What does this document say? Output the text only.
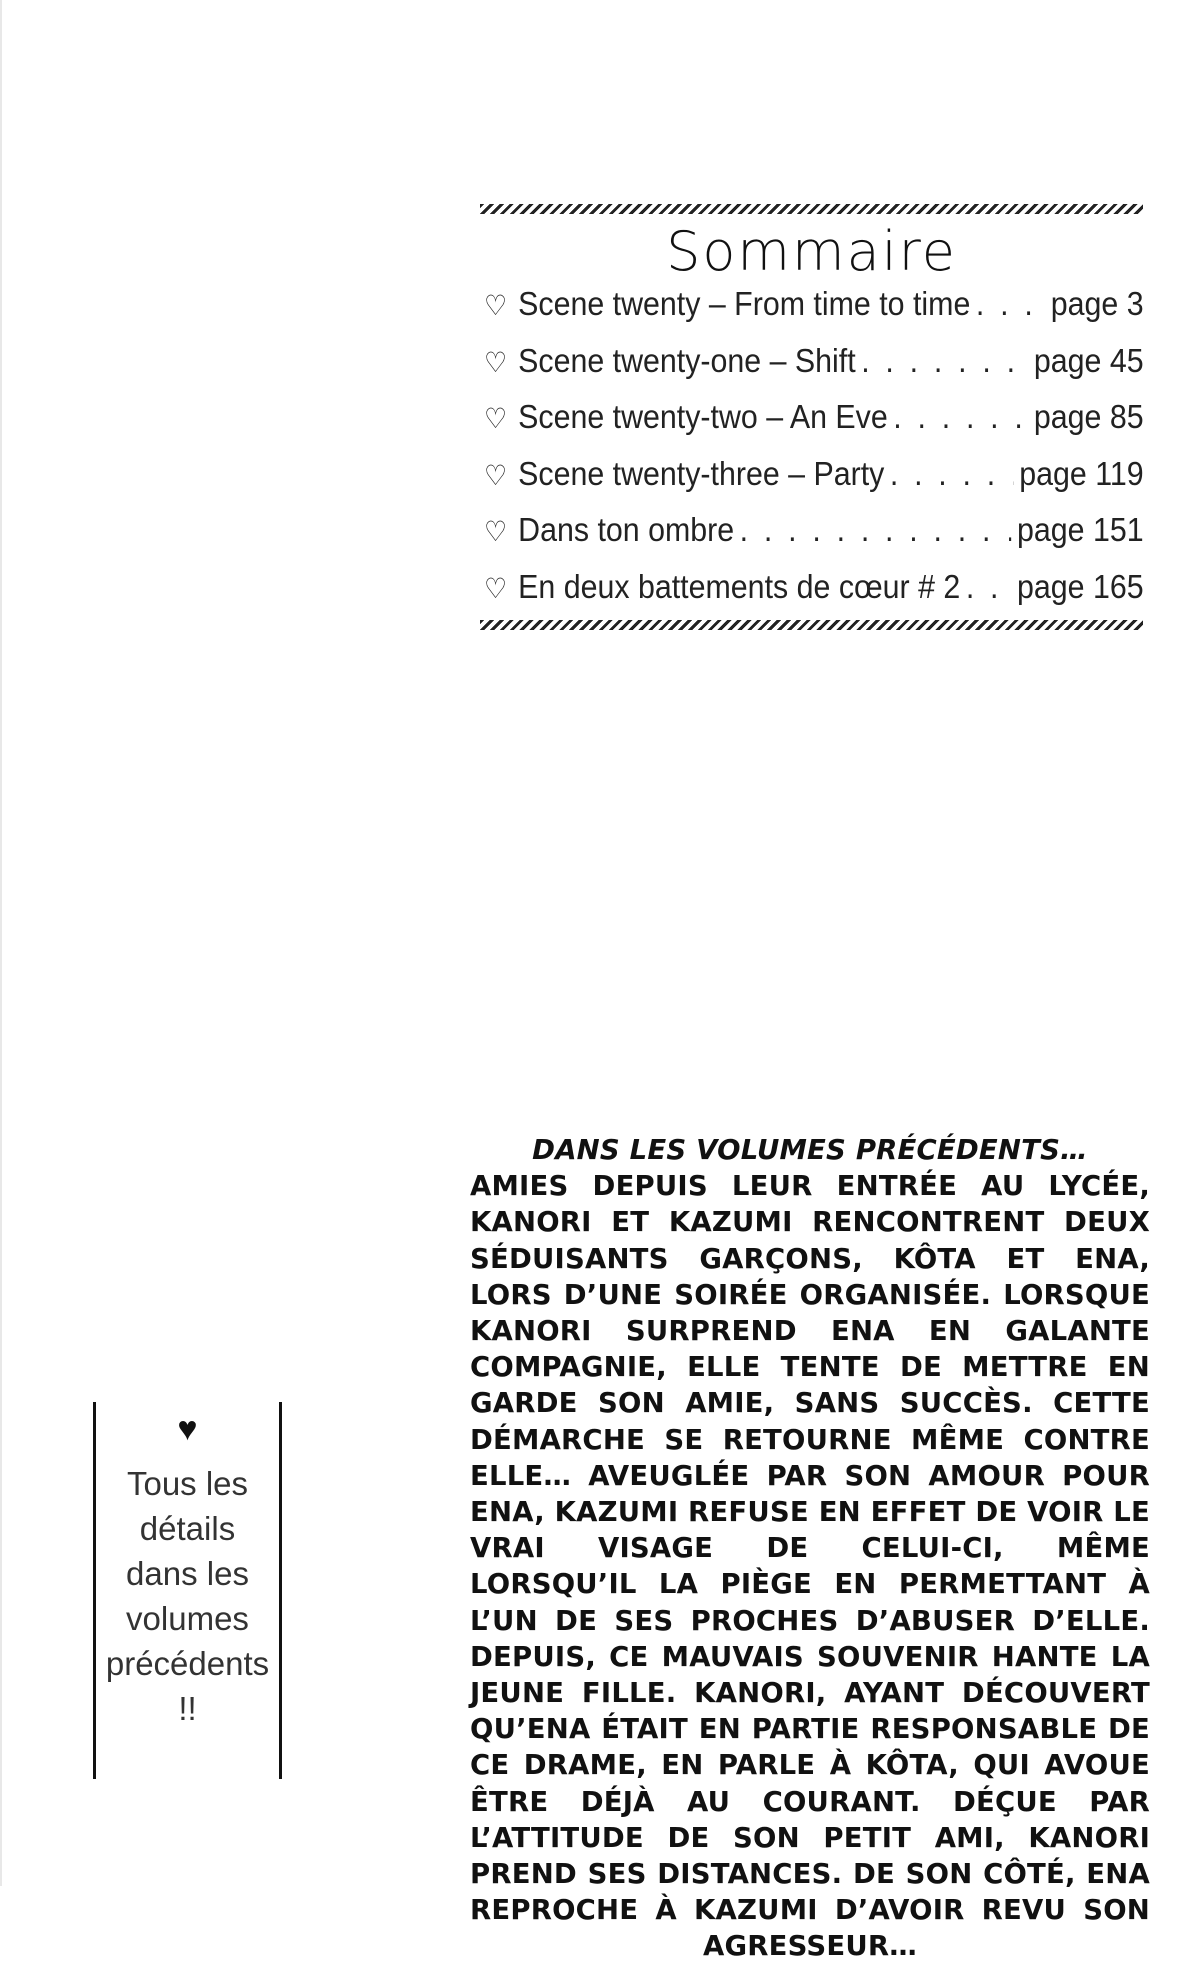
Sommaire
♡ Scene twenty – From time to time . . . page 3
♡ Scene twenty-one – Shift . . .	page 45
♡ Scene twenty-two – An Eve . . .	page 85
♡ Scene twenty-three – Party . . .	page 119
♡ Dans ton ombre . . .	page 151
♡ En deux battements de cœur # 2 . . . page 165
DANS LES VOLUMES PRÉCÉDENTS…
AMIES DEPUIS LEUR ENTRÉE AU LYCÉE, KANORI ET KAZUMI RENCONTRENT DEUX SÉDUISANTS GARÇONS, KÔTA ET ENA, LORS D’UNE SOIRÉE ORGANISÉE. LORSQUE KANORI SURPREND ENA EN GALANTE COMPAGNIE, ELLE TENTE DE METTRE EN GARDE SON AMIE, SANS SUCCÈS. CETTE DÉMARCHE SE RETOURNE MÊME CONTRE ELLE… AVEUGLÉE PAR SON AMOUR POUR ENA, KAZUMI REFUSE EN EFFET DE VOIR LE VRAI VISAGE DE CELUI-CI, MÊME LORSQU’IL LA PIÈGE EN PERMETTANT À L’UN DE SES PROCHES D’ABUSER D’ELLE. DEPUIS, CE MAUVAIS SOUVENIR HANTE LA JEUNE FILLE. KANORI, AYANT DÉCOUVERT QU’ENA ÉTAIT EN PARTIE RESPONSABLE DE CE DRAME, EN PARLE À KÔTA, QUI AVOUE ÊTRE DÉJÀ AU COURANT. DÉÇUE PAR L’ATTITUDE DE SON PETIT AMI, KANORI PREND SES DISTANCES. DE SON CÔTÉ, ENA REPROCHE À KAZUMI D’AVOIR REVU SON AGRESSEUR…
♥
Tous les
détails
dans les
volumes
précédents
!!
